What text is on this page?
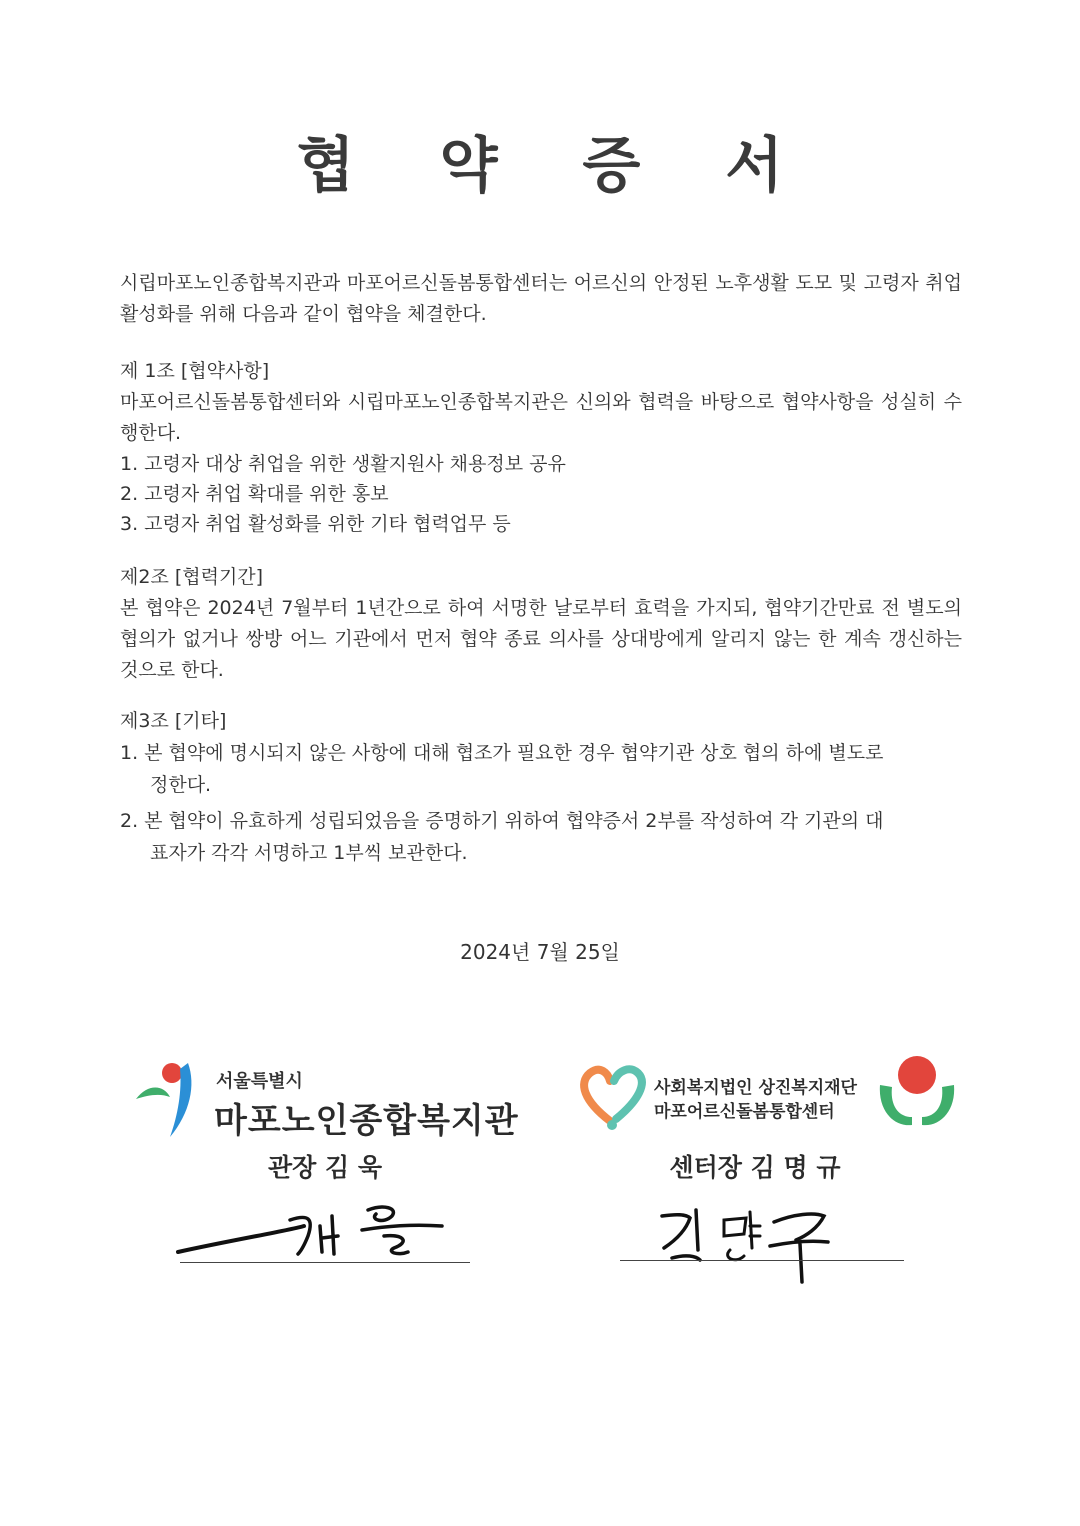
협 약 증 서

시립마포노인종합복지관과 마포어르신돌봄통합센터는 어르신의 안정된 노후생활 도모 및 고령자 취업 활성화를 위해 다음과 같이 협약을 체결한다.

제 1조 [협약사항]

마포어르신돌봄통합센터와 시립마포노인종합복지관은 신의와 협력을 바탕으로 협약사항을 성실히 수행한다.

1. 고령자 대상 취업을 위한 생활지원사 채용정보 공유

2. 고령자 취업 확대를 위한 홍보

3. 고령자 취업 활성화를 위한 기타 협력업무 등

제2조 [협력기간]

본 협약은 2024년 7월부터 1년간으로 하여 서명한 날로부터 효력을 가지되, 협약기간만료 전 별도의 협의가 없거나 쌍방 어느 기관에서 먼저 협약 종료 의사를 상대방에게 알리지 않는 한 계속 갱신하는 것으로 한다.

제3조 [기타]

1. 본 협약에 명시되지 않은 사항에 대해 협조가 필요한 경우 협약기관 상호 협의 하에 별도로 정한다.

2. 본 협약이 유효하게 성립되었음을 증명하기 위하여 협약증서 2부를 작성하여 각 기관의 대표자가 각각 서명하고 1부씩 보관한다.

2024년 7월 25일

서울특별시
마포노인종합복지관
사회복지법인 상진복지재단
마포어르신돌봄통합센터

관장 김 욱	센터장 김 명 규
